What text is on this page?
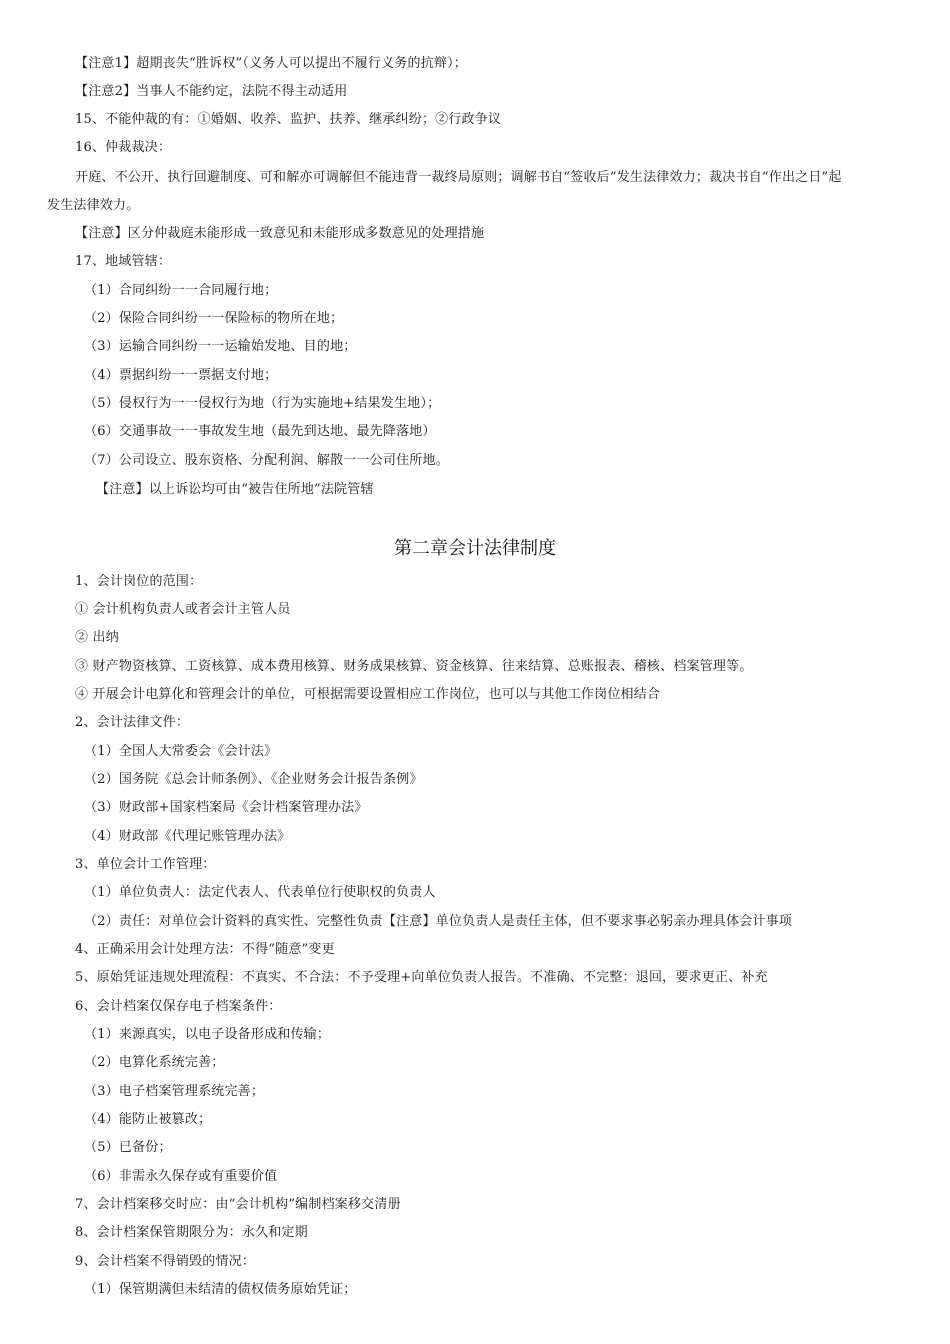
【注意1】超期丧失“胜诉权”（义务人可以提出不履行义务的抗辩）；
【注意2】当事人不能约定，法院不得主动适用
15、不能仲裁的有：①婚姻、收养、监护、扶养、继承纠纷；②行政争议
16、仲裁裁决：
开庭、不公开、执行回避制度、可和解亦可调解但不能违背一裁终局原则；调解书自“签收后”发生法律效力；裁决书自“作出之日”起
发生法律效力。
【注意】区分仲裁庭未能形成一致意见和未能形成多数意见的处理措施
17、地域管辖：
（1）合同纠纷一一合同履行地；
（2）保险合同纠纷一一保险标的物所在地；
（3）运输合同纠纷一一运输始发地、目的地；
（4）票据纠纷一一票据支付地；
（5）侵权行为一一侵权行为地（行为实施地+结果发生地）；
（6）交通事故一一事故发生地（最先到达地、最先降落地）
（7）公司设立、股东资格、分配利润、解散一一公司住所地。
【注意】以上诉讼均可由“被告住所地”法院管辖
第二章会计法律制度
1、会计岗位的范围：
① 会计机构负责人或者会计主管人员
② 出纳
③ 财产物资核算、工资核算、成本费用核算、财务成果核算、资金核算、往来结算、总账报表、稽核、档案管理等。
④ 开展会计电算化和管理会计的单位，可根据需要设置相应工作岗位，也可以与其他工作岗位相结合
2、会计法律文件：
（1）全国人大常委会《会计法》
（2）国务院《总会计师条例》、《企业财务会计报告条例》
（3）财政部+国家档案局《会计档案管理办法》
（4）财政部《代理记账管理办法》
3、单位会计工作管理：
（1）单位负责人：法定代表人、代表单位行使职权的负责人
（2）责任：对单位会计资料的真实性、完整性负责【注意】单位负责人是责任主体，但不要求事必躬亲办理具体会计事项
4、正确采用会计处理方法：不得“随意”变更
5、原始凭证违规处理流程：不真实、不合法：不予受理+向单位负责人报告。不准确、不完整：退回，要求更正、补充
6、会计档案仅保存电子档案条件：
（1）来源真实，以电子设备形成和传输；
（2）电算化系统完善；
（3）电子档案管理系统完善；
（4）能防止被篡改；
（5）已备份；
（6）非需永久保存或有重要价值
7、会计档案移交时应：由“会计机构”编制档案移交清册
8、会计档案保管期限分为：永久和定期
9、会计档案不得销毁的情况：
（1）保管期满但未结清的债权债务原始凭证；
